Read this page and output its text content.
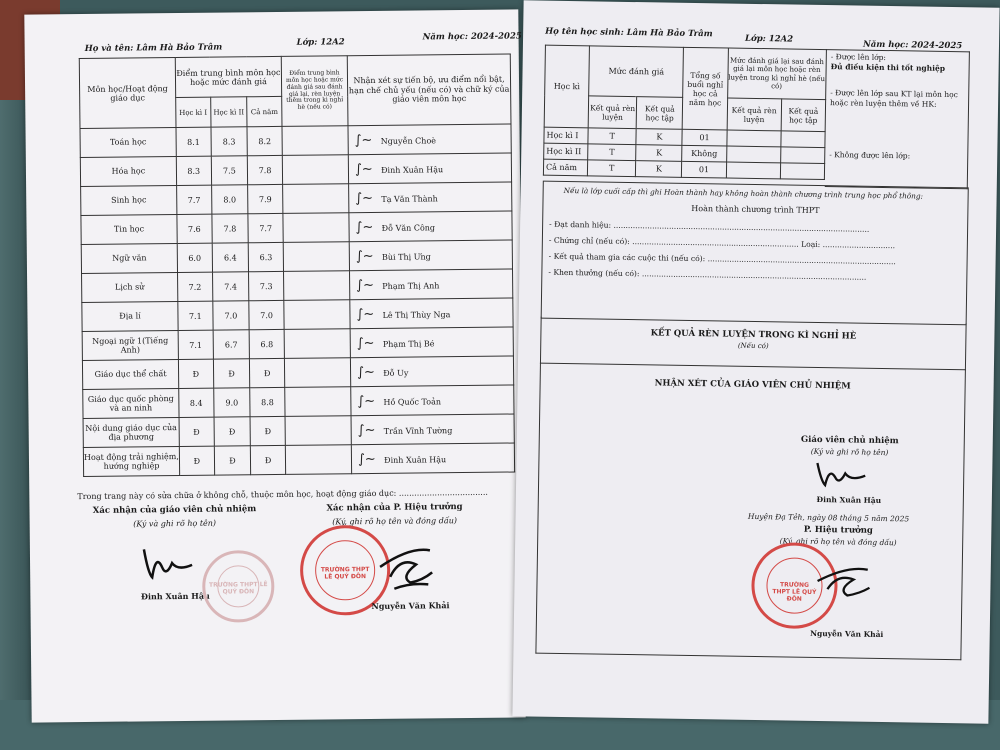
Họ và tên: Lâm Hà Bảo Trâm
Lớp: 12A2
Năm học: 2024-2025
Môn học/Hoạt động giáo dục	Điểm trung bình môn học hoặc mức đánh giá			Điểm trung bình môn học hoặc mức đánh giá sau đánh giá lại, rèn luyện thêm trong kì nghỉ hè (nếu có)	Nhận xét sự tiến bộ, ưu điểm nổi bật, hạn chế chủ yếu (nếu có) và chữ ký của giáo viên môn học
	Học kì I	Học kì II	Cả năm		
Toán học	8.1	8.3	8.2		∫∼ Nguyễn Choè
Hóa học	8.3	7.5	7.8		∫∼ Đinh Xuân Hậu
Sinh học	7.7	8.0	7.9		∫∼ Tạ Văn Thành
Tin học	7.6	7.8	7.7		∫∼ Đỗ Văn Công
Ngữ văn	6.0	6.4	6.3		∫∼ Bùi Thị Ưng
Lịch sử	7.2	7.4	7.3		∫∼ Phạm Thị Anh
Địa lí	7.1	7.0	7.0		∫∼ Lê Thị Thùy Nga
Ngoại ngữ 1(Tiếng Anh)	7.1	6.7	6.8		∫∼ Phạm Thị Bé
Giáo dục thể chất	Đ	Đ	Đ		∫∼ Đỗ Uy
Giáo dục quốc phòng và an ninh	8.4	9.0	8.8		∫∼ Hồ Quốc Toản
Nội dung giáo dục của địa phương	Đ	Đ	Đ		∫∼ Trần Vĩnh Tường
Hoạt động trải nghiệm, hướng nghiệp	Đ	Đ	Đ		∫∼ Đinh Xuân Hậu
Trong trang này có sửa chữa ở không chỗ, thuộc môn học, hoạt động giáo dục: ...................................
Xác nhận của giáo viên chủ nhiệm
(Ký và ghi rõ họ tên)
Đinh Xuân Hậu
TRƯỜNG THPT LÊ QUÝ ĐÔN
Xác nhận của P. Hiệu trưởng
(Ký, ghi rõ họ tên và đóng dấu)
TRƯỜNG THPT LÊ QUÝ ĐÔN
Nguyễn Văn Khải
Họ tên học sinh: Lâm Hà Bảo Trâm	Lớp: 12A2
Năm học: 2024-2025
Học kì	Mức đánh giá		Tổng số buổi nghỉ học cả năm học	Mức đánh giá lại sau đánh giá lại môn học hoặc rèn luyện trong kì nghỉ hè (nếu có)	
	Kết quả rèn luyện	Kết quả học tập		Kết quả rèn luyện	Kết quả học tập
Học kì I	T	K	01		
Học kì II	T	K	Không		
Cả năm	T	K	01		
- Được lên lớp:
Đủ điều kiện thi tốt nghiệp
- Được lên lớp sau KT lại môn học hoặc rèn luyện thêm về HK:
- Không được lên lớp:
Nếu là lớp cuối cấp thì ghi Hoàn thành hay không hoàn thành chương trình trung học phổ thông:
Hoàn thành chương trình THPT
- Đạt danh hiệu: ..........................................................................................................
- Chứng chỉ (nếu có): ..................................................................... Loại: ..............................
- Kết quả tham gia các cuộc thi (nếu có): ..............................................................................
- Khen thưởng (nếu có): .............................................................................................
KẾT QUẢ RÈN LUYỆN TRONG KÌ NGHỈ HÈ
(Nếu có)
NHẬN XÉT CỦA GIÁO VIÊN CHỦ NHIỆM
Giáo viên chủ nhiệm
(Ký và ghi rõ họ tên)
Đinh Xuân Hậu
Huyện Đạ Tẻh, ngày 08 tháng 5 năm 2025
P. Hiệu trưởng
(Ký, ghi rõ họ tên và đóng dấu)
TRƯỜNG THPT LÊ QUÝ ĐÔN
Nguyễn Văn Khải
